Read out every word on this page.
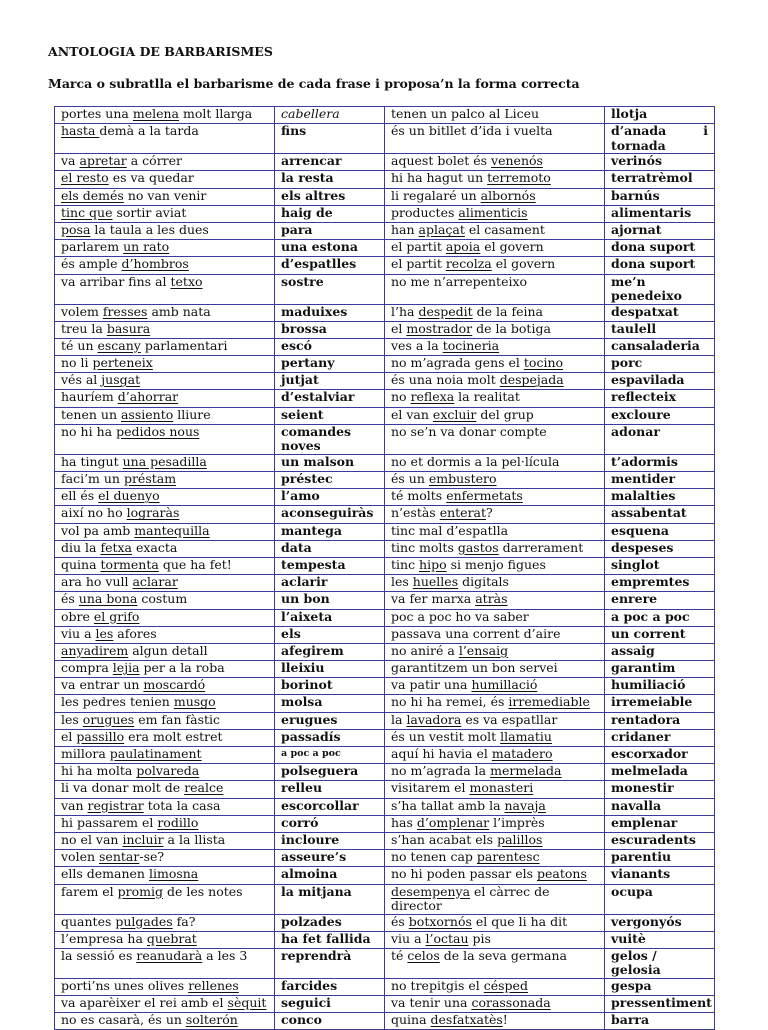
ANTOLOGIA DE BARBARISMES
Marca o subratlla el barbarisme de cada frase i proposa’n la forma correcta
portes una melena molt llarga	cabellera	tenen un palco al Liceu	llotja
hasta demà a la tarda	fins	és un bitllet d’ida i vuelta	d’anada i tornada
va apretar a córrer	arrencar	aquest bolet és venenós	verinós
el resto es va quedar	la resta	hi ha hagut un terremoto	terratrèmol
els demés no van venir	els altres	li regalaré un albornós	barnús
tinc que sortir aviat	haig de	productes alimenticis	alimentaris
posa la taula a les dues	para	han aplaçat el casament	ajornat
parlarem un rato	una estona	el partit apoia el govern	dona suport
és ample d’hombros	d’espatlles	el partit recolza el govern	dona suport
va arribar fins al tetxo	sostre	no me n’arrepenteixo	me’n penedeixo
volem fresses amb nata	maduixes	l’ha despedit de la feina	despatxat
treu la basura	brossa	el mostrador de la botiga	taulell
té un escany parlamentari	escó	ves a la tocineria	cansaladeria
no li perteneix	pertany	no m’agrada gens el tocino	porc
vés al jusgat	jutjat	és una noia molt despejada	espavilada
hauríem d’ahorrar	d’estalviar	no reflexa la realitat	reflecteix
tenen un assiento lliure	seient	el van excluir del grup	excloure
no hi ha pedidos nous	comandes noves	no se’n va donar compte	adonar
ha tingut una pesadilla	un malson	no et dormis a la pel·lícula	t’adormis
faci’m un préstam	préstec	és un embustero	mentider
ell és el duenyo	l’amo	té molts enfermetats	malalties
així no ho lograràs	aconseguiràs	n’estàs enterat?	assabentat
vol pa amb mantequilla	mantega	tinc mal d’espatlla	esquena
diu la fetxa exacta	data	tinc molts gastos darrerament	despeses
quina tormenta que ha fet!	tempesta	tinc hipo si menjo figues	singlot
ara ho vull aclarar	aclarir	les huelles digitals	empremtes
és una bona costum	un bon	va fer marxa atràs	enrere
obre el grifo	l’aixeta	poc a poc ho va saber	a poc a poc
viu a les afores	els	passava una corrent d’aire	un corrent
anyadirem algun detall	afegirem	no aniré a l’ensaig	assaig
compra lejia per a la roba	lleixiu	garantitzem un bon servei	garantim
va entrar un moscardó	borinot	va patir una humillació	humiliació
les pedres tenien musgo	molsa	no hi ha remei, és irremediable	irremeiable
les orugues em fan fàstic	erugues	la lavadora es va espatllar	rentadora
el passillo era molt estret	passadís	és un vestit molt llamatiu	cridaner
millora paulatinament	a poc a poc	aquí hi havia el matadero	escorxador
hi ha molta polvareda	polseguera	no m’agrada la mermelada	melmelada
li va donar molt de realce	relleu	visitarem el monasteri	monestir
van registrar tota la casa	escorcollar	s’ha tallat amb la navaja	navalla
hi passarem el rodillo	corró	has d’omplenar l’imprès	emplenar
no el van incluir a la llista	incloure	s’han acabat els palillos	escuradents
volen sentar-se?	asseure’s	no tenen cap parentesc	parentiu
ells demanen limosna	almoina	no hi poden passar els peatons	vianants
farem el promig de les notes	la mitjana	desempenya el càrrec de director	ocupa
quantes pulgades fa?	polzades	és botxornós el que li ha dit	vergonyós
l’empresa ha quebrat	ha fet fallida	viu a l’octau pis	vuitè
la sessió es reanudarà a les 3	reprendrà	té celos de la seva germana	gelos / gelosia
porti’ns unes olives rellenes	farcides	no trepitgis el césped	gespa
va aparèixer el rei amb el sèquit	seguici	va tenir una corassonada	pressentiment
no es casarà, és un solterón	conco	quina desfatxatès!	barra
